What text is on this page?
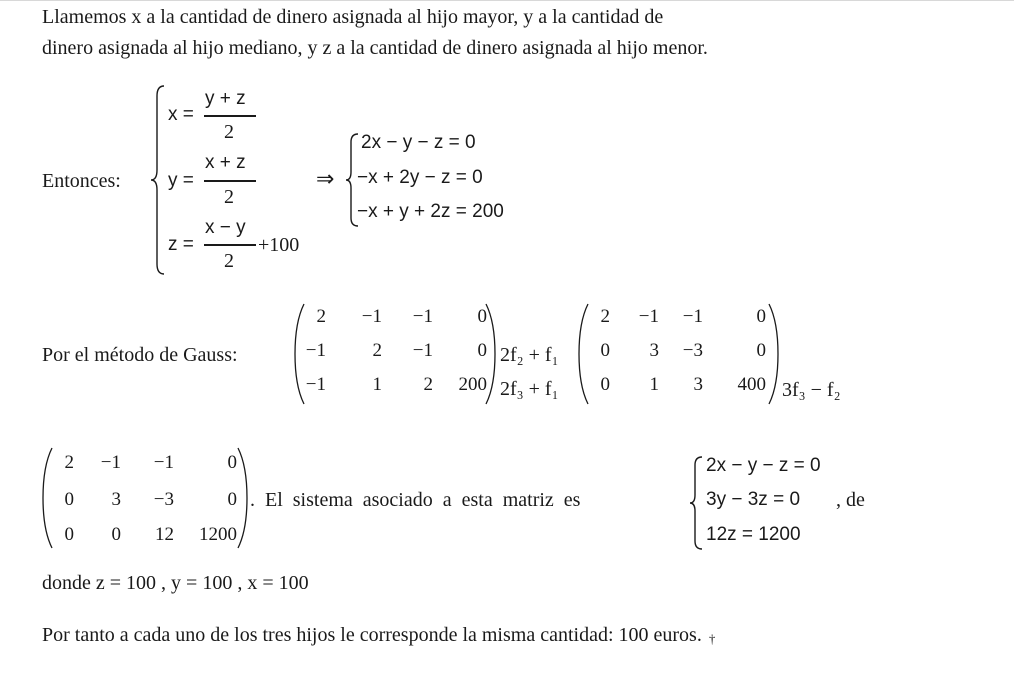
Llamemos x a la cantidad de dinero asignada al hijo mayor, y a la cantidad de
dinero asignada al hijo mediano, y z a la cantidad de dinero asignada al hijo menor.
Entonces:
x =
y + z
2
y =
x + z
2
z =
x − y
2
+100
⇒
2x − y − z = 0
−x + 2y − z = 0
−x + y + 2z = 200
Por el método de Gauss:
2 −1 −1 0
−1 2 −1 0
−1 1 2 200
2f₂ + f₁
2f₃ + f₁
2 −1 −1	0
0 3 −3	0
0 1 3 400 3f₃ − f₂
2 −1 −1	0
0 3 −3	0
0 0 12 1200
. El sistema asociado a esta matriz es
2x − y − z = 0
3y − 3z = 0
12z = 1200
, de
donde z = 100 , y = 100 , x = 100
Por tanto a cada uno de los tres hijos le corresponde la misma cantidad: 100 euros. †
